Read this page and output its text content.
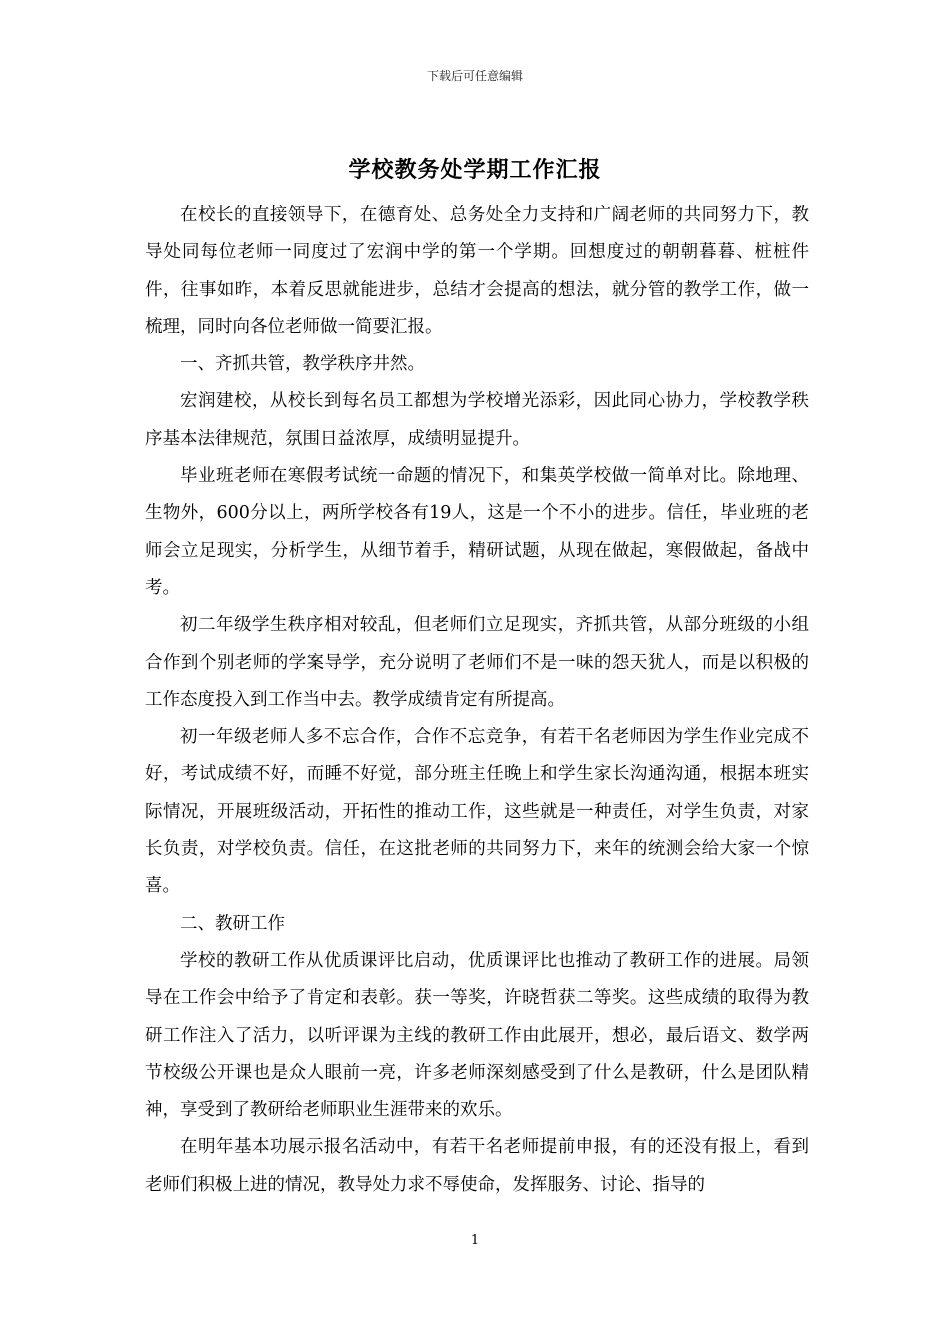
下载后可任意编辑
学校教务处学期工作汇报

在校长的直接领导下，在德育处、总务处全力支持和广阔老师的共同努力下，教导处同每位老师一同度过了宏润中学的第一个学期。回想度过的朝朝暮暮、桩桩件件，往事如昨，本着反思就能进步，总结才会提高的想法，就分管的教学工作，做一梳理，同时向各位老师做一简要汇报。

一、齐抓共管，教学秩序井然。

宏润建校，从校长到每名员工都想为学校增光添彩，因此同心协力，学校教学秩序基本法律规范，氛围日益浓厚，成绩明显提升。

毕业班老师在寒假考试统一命题的情况下，和集英学校做一简单对比。除地理、生物外，600分以上，两所学校各有19人，这是一个不小的进步。信任，毕业班的老师会立足现实，分析学生，从细节着手，精研试题，从现在做起，寒假做起，备战中考。

初二年级学生秩序相对较乱，但老师们立足现实，齐抓共管，从部分班级的小组合作到个别老师的学案导学，充分说明了老师们不是一味的怨天犹人，而是以积极的工作态度投入到工作当中去。教学成绩肯定有所提高。

初一年级老师人多不忘合作，合作不忘竞争，有若干名老师因为学生作业完成不好，考试成绩不好，而睡不好觉，部分班主任晚上和学生家长沟通沟通，根据本班实际情况，开展班级活动，开拓性的推动工作，这些就是一种责任，对学生负责，对家长负责，对学校负责。信任，在这批老师的共同努力下，来年的统测会给大家一个惊喜。

二、教研工作

学校的教研工作从优质课评比启动，优质课评比也推动了教研工作的进展。局领导在工作会中给予了肯定和表彰。获一等奖，许晓哲获二等奖。这些成绩的取得为教研工作注入了活力，以听评课为主线的教研工作由此展开，想必，最后语文、数学两节校级公开课也是众人眼前一亮，许多老师深刻感受到了什么是教研，什么是团队精神，享受到了教研给老师职业生涯带来的欢乐。

在明年基本功展示报名活动中，有若干名老师提前申报，有的还没有报上，看到老师们积极上进的情况，教导处力求不辱使命，发挥服务、讨论、指导的

1
